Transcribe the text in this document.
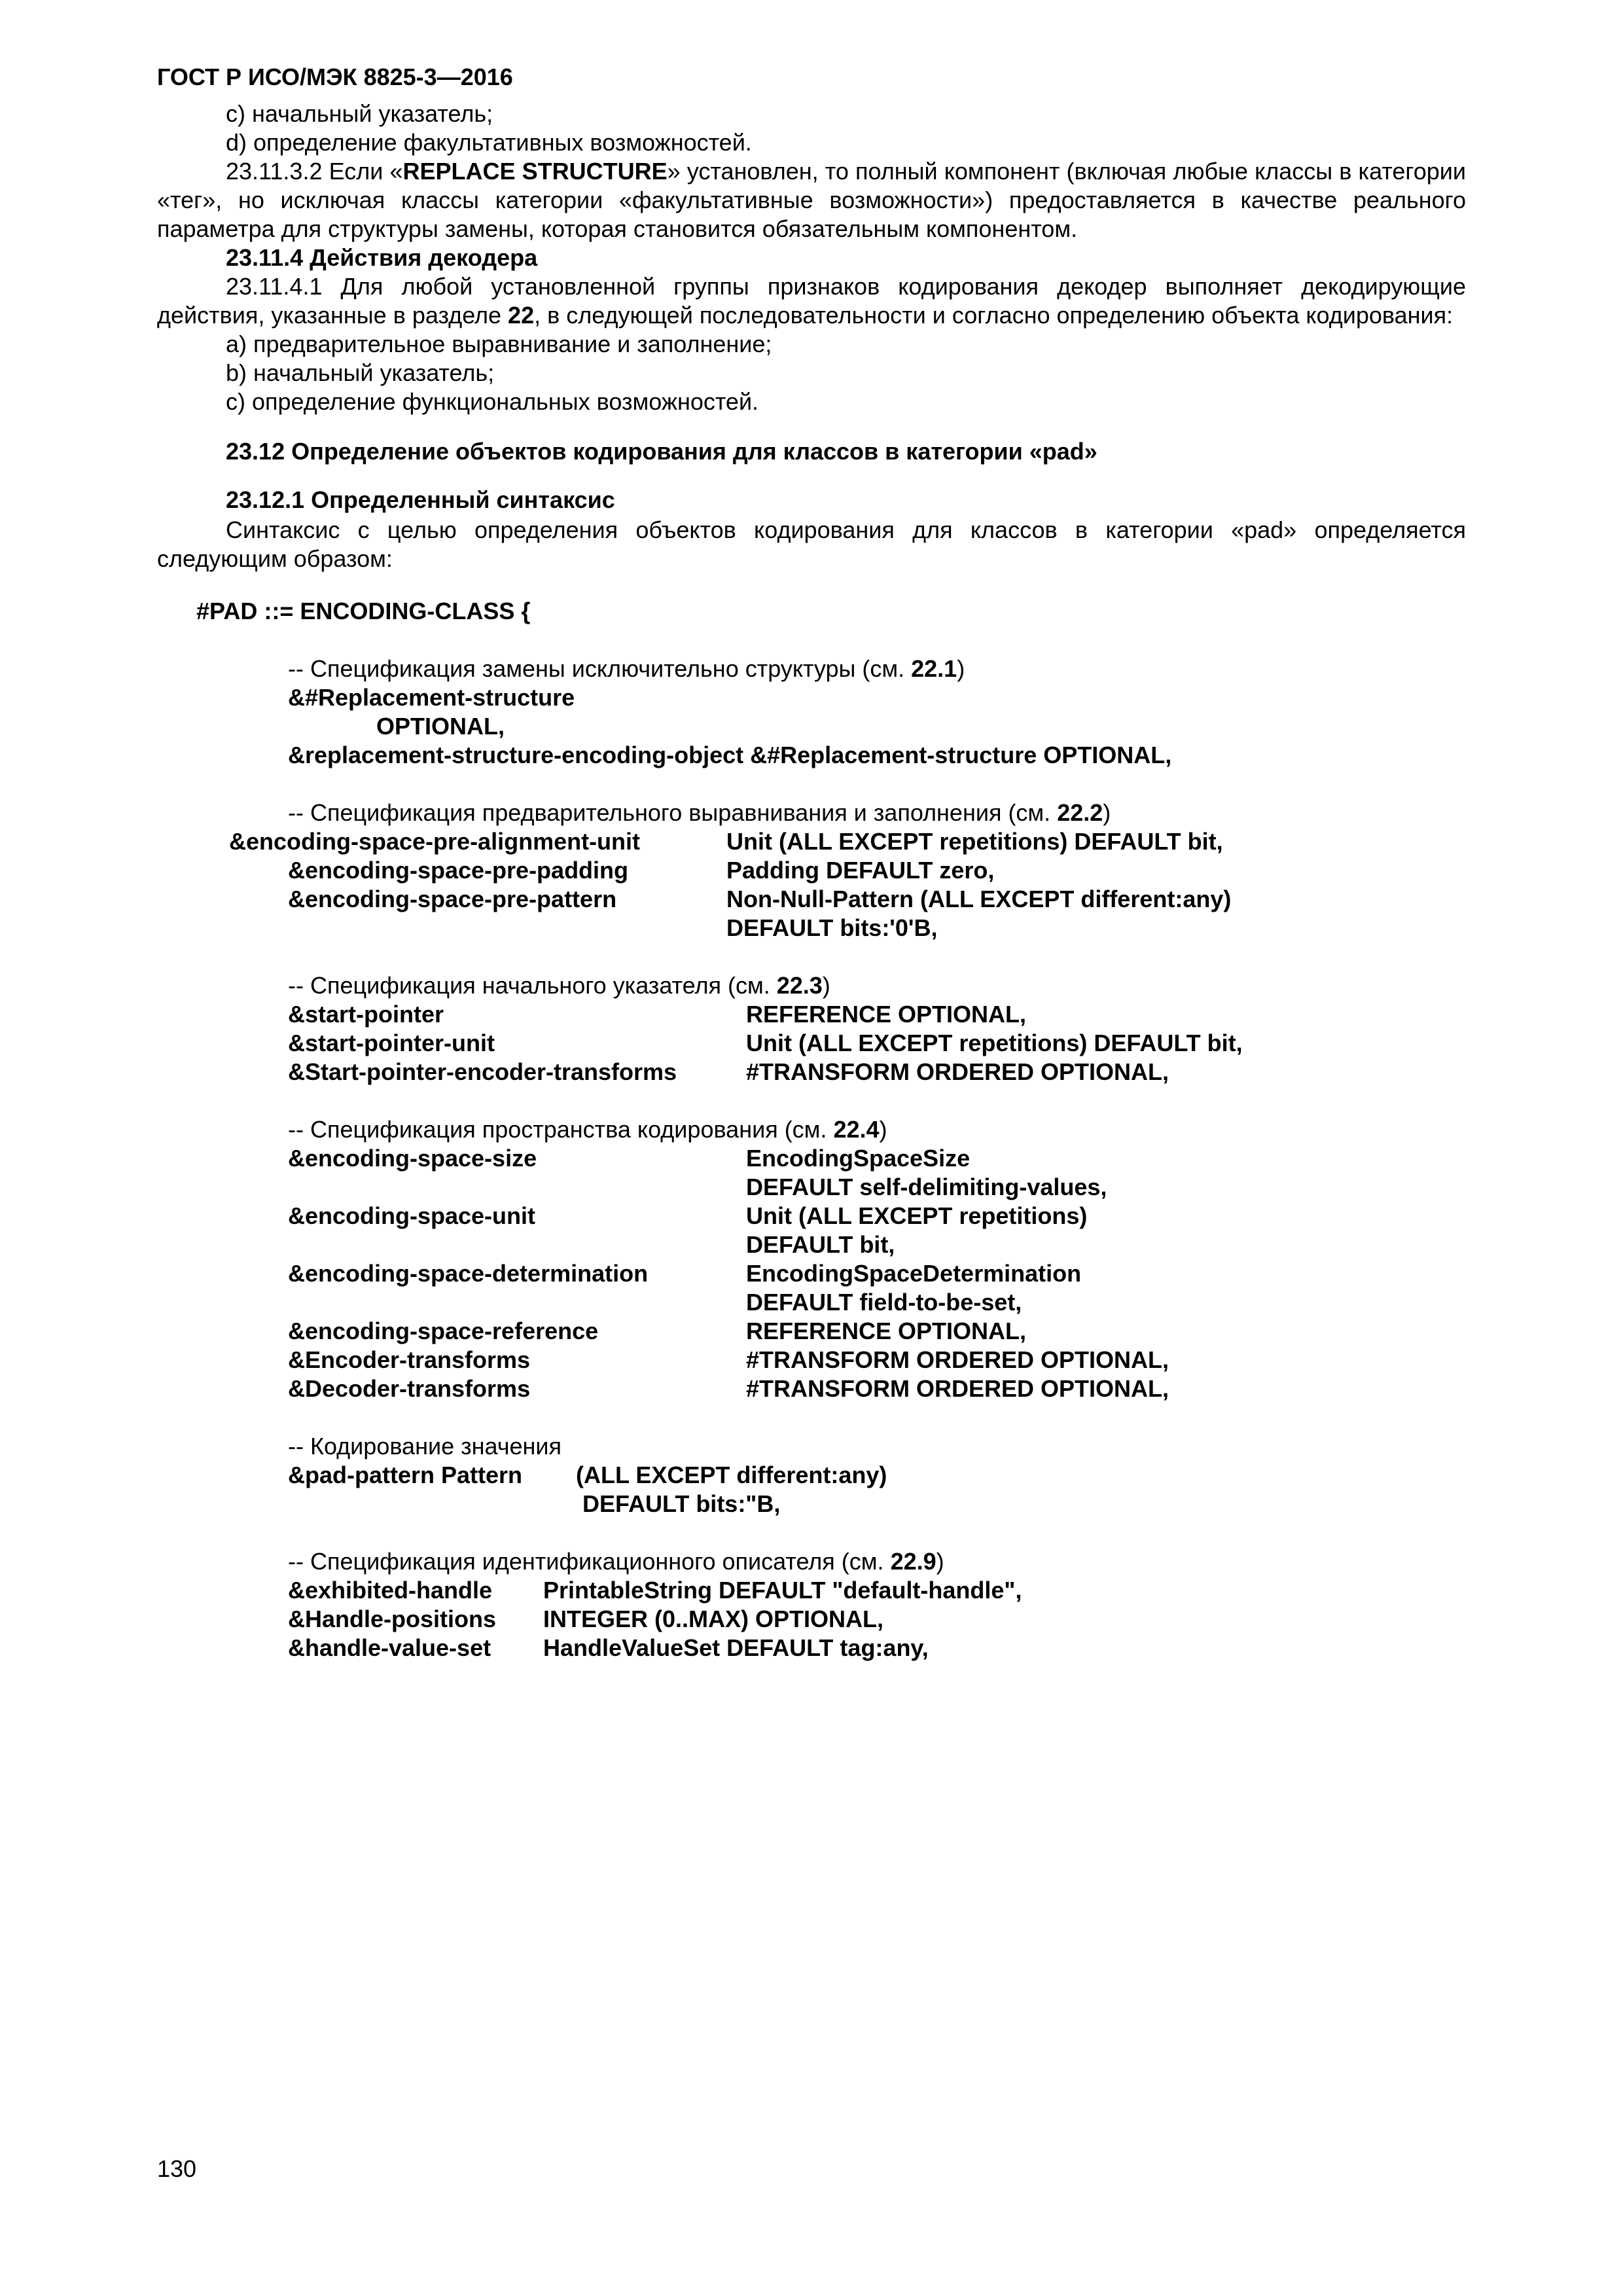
ГОСТ Р ИСО/МЭК 8825-3—2016

c) начальный указатель;

d) определение факультативных возможностей.

23.11.3.2 Если «REPLACE STRUCTURE» установлен, то полный компонент (включая любые классы в категории «тег», но исключая классы категории «факультативные возможности») предоставляется в качестве реального параметра для структуры замены, которая становится обязательным компонентом.

23.11.4 Действия декодера

23.11.4.1 Для любой установленной группы признаков кодирования декодер выполняет декодирующие действия, указанные в разделе 22, в следующей последовательности и согласно определению объекта кодирования:

a) предварительное выравнивание и заполнение;

b) начальный указатель;

c) определение функциональных возможностей.

23.12 Определение объектов кодирования для классов в категории «pad»

23.12.1 Определенный синтаксис

Синтаксис с целью определения объектов кодирования для классов в категории «pad» определяется следующим образом:

#PAD ::= ENCODING-CLASS {
-- Спецификация замены исключительно структуры (см. 22.1)
&#Replacement-structure
OPTIONAL,
&replacement-structure-encoding-object &#Replacement-structure OPTIONAL,
-- Спецификация предварительного выравнивания и заполнения (см. 22.2)
&encoding-space-pre-alignment-unit	Unit (ALL EXCEPT repetitions) DEFAULT bit,
&encoding-space-pre-padding	Padding DEFAULT zero,
&encoding-space-pre-pattern	Non-Null-Pattern (ALL EXCEPT different:any)
DEFAULT bits:'0'B,
-- Спецификация начального указателя (см. 22.3)
&start-pointer	REFERENCE OPTIONAL,
&start-pointer-unit	Unit (ALL EXCEPT repetitions) DEFAULT bit,
&Start-pointer-encoder-transforms	#TRANSFORM ORDERED OPTIONAL,
-- Спецификация пространства кодирования (см. 22.4)
&encoding-space-size	EncodingSpaceSize
DEFAULT self-delimiting-values,
&encoding-space-unit	Unit (ALL EXCEPT repetitions)
DEFAULT bit,
&encoding-space-determination	EncodingSpaceDetermination
DEFAULT field-to-be-set,
&encoding-space-reference	REFERENCE OPTIONAL,
&Encoder-transforms	#TRANSFORM ORDERED OPTIONAL,
&Decoder-transforms	#TRANSFORM ORDERED OPTIONAL,
-- Кодирование значения
&pad-pattern Pattern	(ALL EXCEPT different:any)
DEFAULT bits:"B,
-- Спецификация идентификационного описателя (см. 22.9)
&exhibited-handle	PrintableString DEFAULT "default-handle",
&Handle-positions	INTEGER (0..MAX) OPTIONAL,
&handle-value-set	HandleValueSet DEFAULT tag:any,
130
